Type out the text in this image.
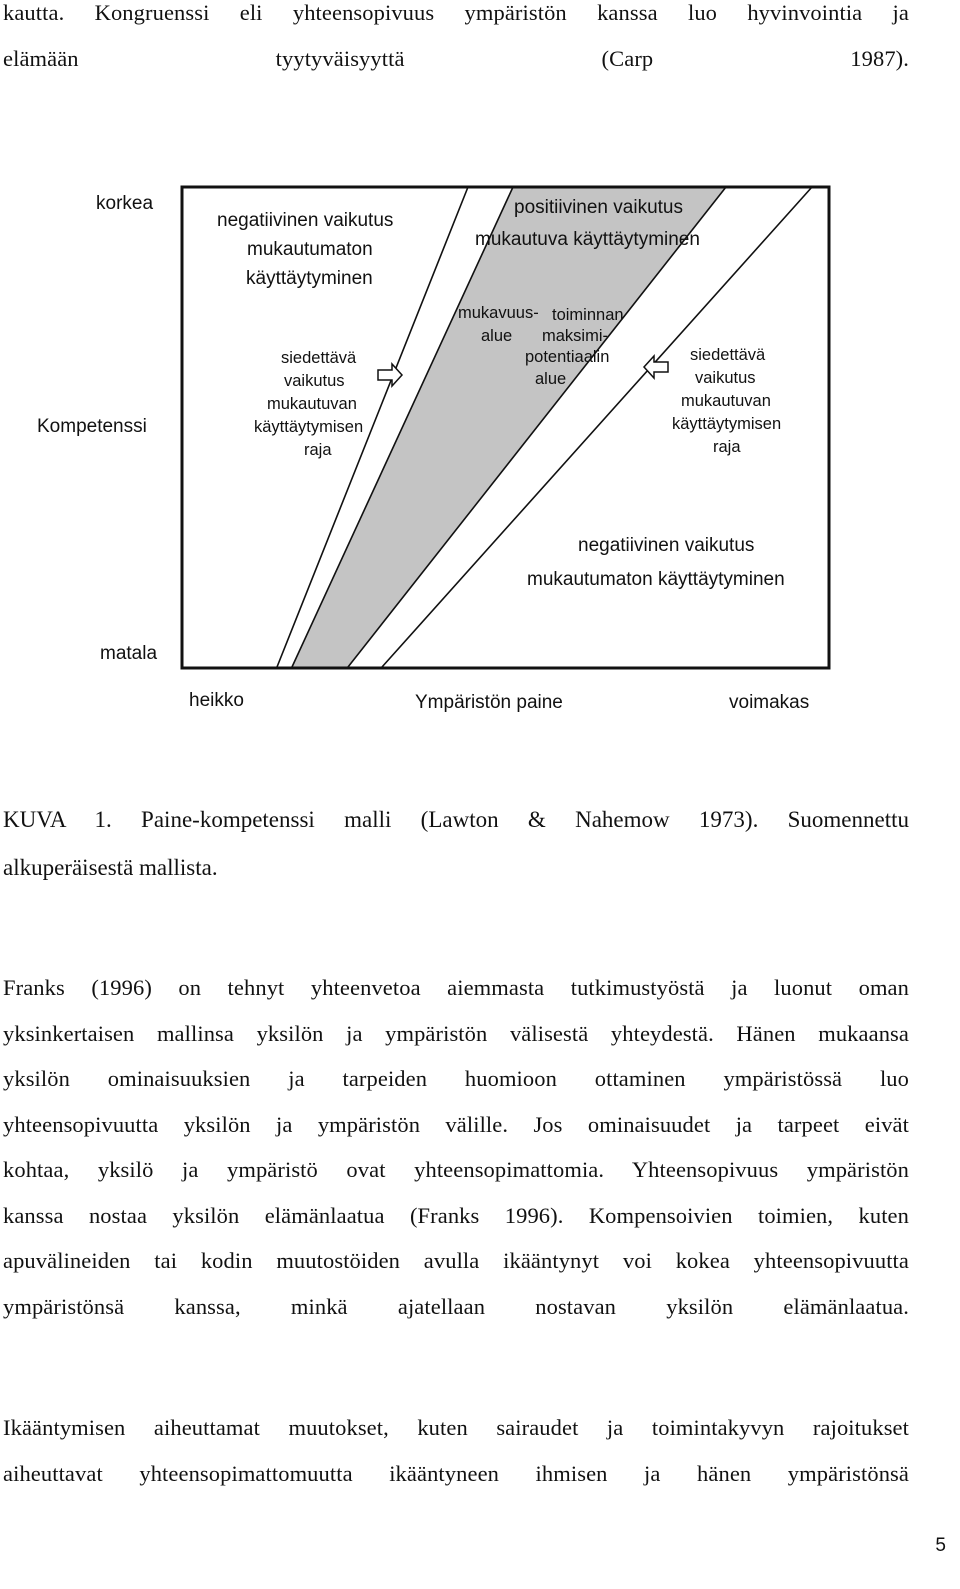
kautta. Kongruenssi eli yhteensopivuus ympäristön kanssa luo hyvinvointia ja
elämään tyytyväisyyttä (Carp 1987).
korkea
Kompetenssi
matala
heikko	Ympäristön paine	voimakas
negatiivinen vaikutus
mukautumaton
käyttäytyminen
positiivinen vaikutus
mukautuva käyttäytyminen
siedettävä
vaikutus
mukautuvan
käyttäytymisen
raja
mukavuus-
alue
toiminnan
maksimi-
potentiaalin
alue
siedettävä
vaikutus
mukautuvan
käyttäytymisen
raja
negatiivinen vaikutus
mukautumaton käyttäytyminen
KUVA 1. Paine-kompetenssi malli (Lawton & Nahemow 1973). Suomennettu
alkuperäisestä mallista.
Franks (1996) on tehnyt yhteenvetoa aiemmasta tutkimustyöstä ja luonut oman
yksinkertaisen mallinsa yksilön ja ympäristön välisestä yhteydestä. Hänen mukaansa
yksilön ominaisuuksien ja tarpeiden huomioon ottaminen ympäristössä luo
yhteensopivuutta yksilön ja ympäristön välille. Jos ominaisuudet ja tarpeet eivät
kohtaa, yksilö ja ympäristö ovat yhteensopimattomia. Yhteensopivuus ympäristön
kanssa nostaa yksilön elämänlaatua (Franks 1996). Kompensoivien toimien, kuten
apuvälineiden tai kodin muutostöiden avulla ikääntynyt voi kokea yhteensopivuutta
ympäristönsä kanssa, minkä ajatellaan nostavan yksilön elämänlaatua.
Ikääntymisen aiheuttamat muutokset, kuten sairaudet ja toimintakyvyn rajoitukset
aiheuttavat yhteensopimattomuutta ikääntyneen ihmisen ja hänen ympäristönsä
5
